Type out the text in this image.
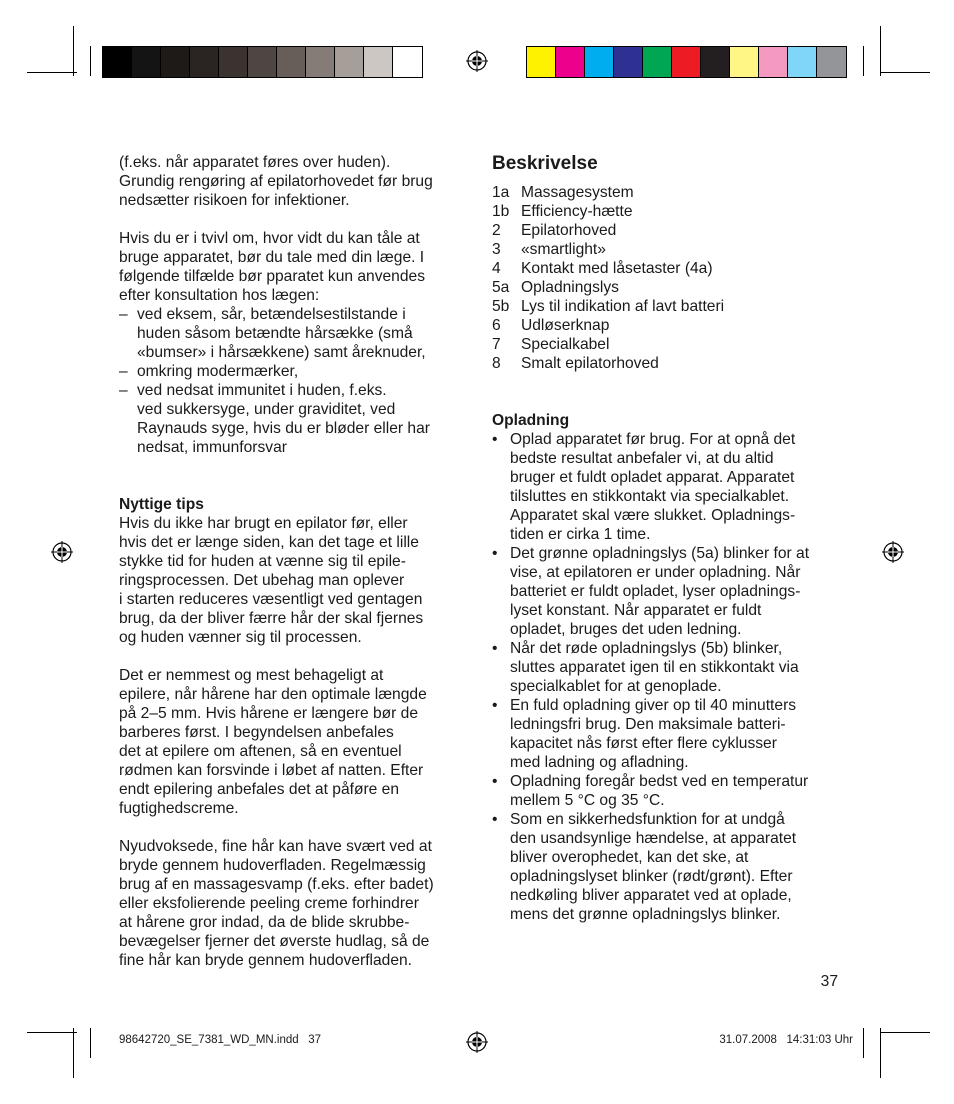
(f.eks. når apparatet føres over huden).

Grundig rengøring af epilatorhovedet før brug

nedsætter risikoen for infektioner.

Hvis du er i tvivl om, hvor vidt du kan tåle at

bruge apparatet, bør du tale med din læge. I

følgende tilfælde bør pparatet kun anvendes

efter konsultation hos lægen:

– ved eksem, sår, betændelsestilstande i

huden såsom betændte hårsække (små

«bumser» i hårsækkene) samt åreknuder,

– omkring modermærker,

– ved nedsat immunitet i huden, f.eks.

ved sukkersyge, under graviditet, ved

Raynauds syge, hvis du er bløder eller har

nedsat, immunforsvar

Nyttige tips

Hvis du ikke har brugt en epilator før, eller

hvis det er længe siden, kan det tage et lille

stykke tid for huden at vænne sig til epile-

ringsprocessen. Det ubehag man oplever

i starten reduceres væsentligt ved gentagen

brug, da der bliver færre hår der skal fjernes

og huden vænner sig til processen.

Det er nemmest og mest behageligt at

epilere, når hårene har den optimale længde

på 2–5 mm. Hvis hårene er længere bør de

barberes først. I begyndelsen anbefales

det at epilere om aftenen, så en eventuel

rødmen kan forsvinde i løbet af natten. Efter

endt epilering anbefales det at påføre en

fugtighedscreme.

Nyudvoksede, fine hår kan have svært ved at

bryde gennem hudoverfladen. Regelmæssig

brug af en massagesvamp (f.eks. efter badet)

eller eksfolierende peeling creme forhindrer

at hårene gror indad, da de blide skrubbe-

bevægelser fjerner det øverste hudlag, så de

fine hår kan bryde gennem hudoverfladen.

Beskrivelse
1a Massagesystem
1b Efficiency-hætte
2	Epilatorhoved
3	«smartlight»
4	Kontakt med låsetaster (4a)
5a Opladningslys
5b Lys til indikation af lavt batteri
6	Udløserknap
7	Specialkabel
8	Smalt epilatorhoved

Opladning

• Oplad apparatet før brug. For at opnå det

bedste resultat anbefaler vi, at du altid

bruger et fuldt opladet apparat. Apparatet

tilsluttes en stikkontakt via specialkablet.

Apparatet skal være slukket. Opladnings-

tiden er cirka 1 time.

• Det grønne opladningslys (5a) blinker for at

vise, at epilatoren er under opladning. Når

batteriet er fuldt opladet, lyser opladnings-

lyset konstant. Når apparatet er fuldt

opladet, bruges det uden ledning.

• Når det røde opladningslys (5b) blinker,

sluttes apparatet igen til en stikkontakt via

specialkablet for at genoplade.

• En fuld opladning giver op til 40 minutters

ledningsfri brug. Den maksimale batteri-

kapacitet nås først efter flere cyklusser

med ladning og afladning.

• Opladning foregår bedst ved en temperatur

mellem 5 °C og 35 °C.

• Som en sikkerhedsfunktion for at undgå

den usandsynlige hændelse, at apparatet

bliver overophedet, kan det ske, at

opladningslyset blinker (rødt/grønt). Efter

nedkøling bliver apparatet ved at oplade,

mens det grønne opladningslys blinker.

37
98642720_SE_7381_WD_MN.indd   37	31.07.2008   14:31:03 Uhr
